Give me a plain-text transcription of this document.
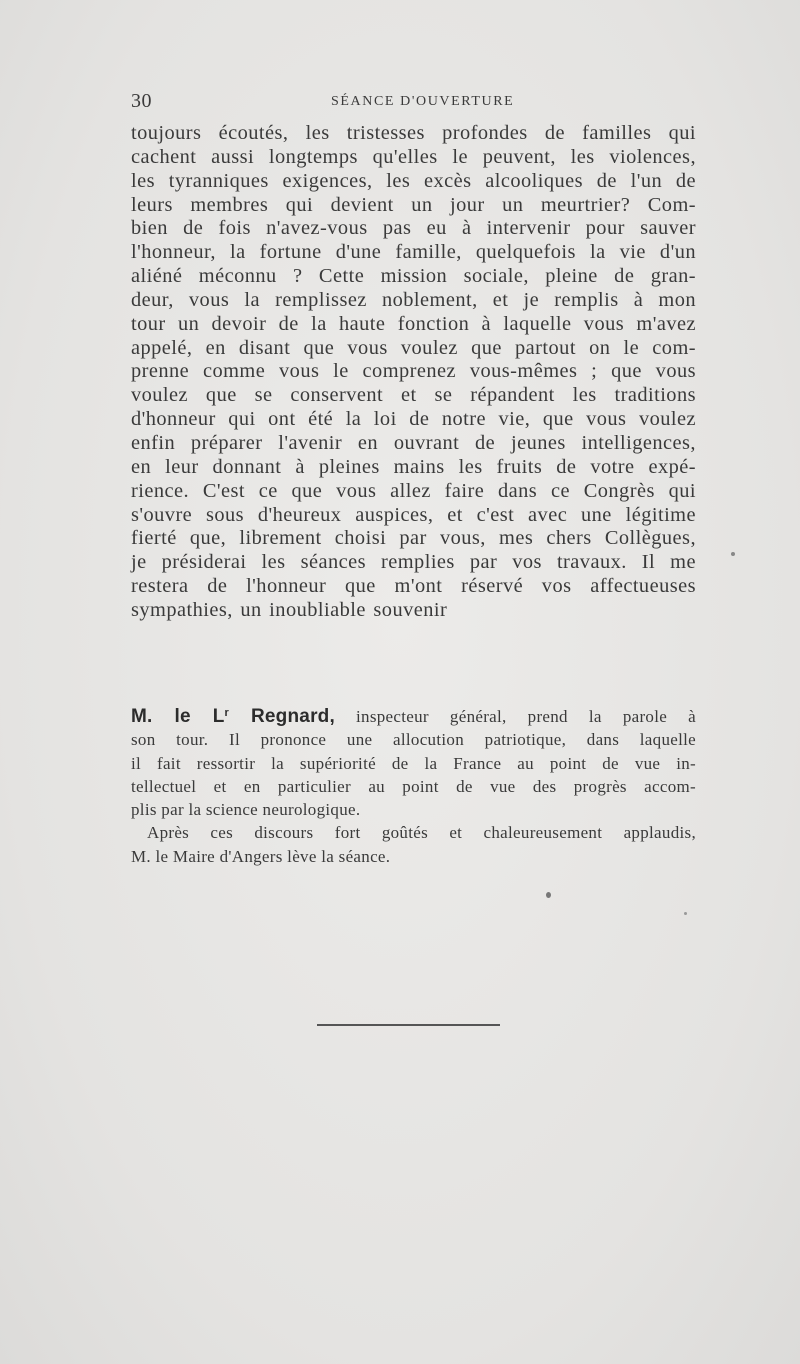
30	SÉANCE D'OUVERTURE
toujours écoutés, les tristesses profondes de familles qui
cachent aussi longtemps qu'elles le peuvent, les violences,
les tyranniques exigences, les excès alcooliques de l'un de
leurs membres qui devient un jour un meurtrier? Com-
bien de fois n'avez-vous pas eu à intervenir pour sauver
l'honneur, la fortune d'une famille, quelquefois la vie d'un
aliéné méconnu ? Cette mission sociale, pleine de gran-
deur, vous la remplissez noblement, et je remplis à mon
tour un devoir de la haute fonction à laquelle vous m'avez
appelé, en disant que vous voulez que partout on le com-
prenne comme vous le comprenez vous-mêmes ; que vous
voulez que se conservent et se répandent les traditions
d'honneur qui ont été la loi de notre vie, que vous voulez
enfin préparer l'avenir en ouvrant de jeunes intelligences,
en leur donnant à pleines mains les fruits de votre expé-
rience. C'est ce que vous allez faire dans ce Congrès qui
s'ouvre sous d'heureux auspices, et c'est avec une légitime
fierté que, librement choisi par vous, mes chers Collègues,
je présiderai les séances remplies par vos travaux. Il me
restera de l'honneur que m'ont réservé vos affectueuses
sympathies, un inoubliable souvenir
M. le $L^r$ Regnard, inspecteur général, prend la parole à
son tour. Il prononce une allocution patriotique, dans laquelle
il fait ressortir la supériorité de la France au point de vue in-
tellectuel et en particulier au point de vue des progrès accom-
plis par la science neurologique.
Après ces discours fort goûtés et chaleureusement applaudis,
M. le Maire d'Angers lève la séance.
